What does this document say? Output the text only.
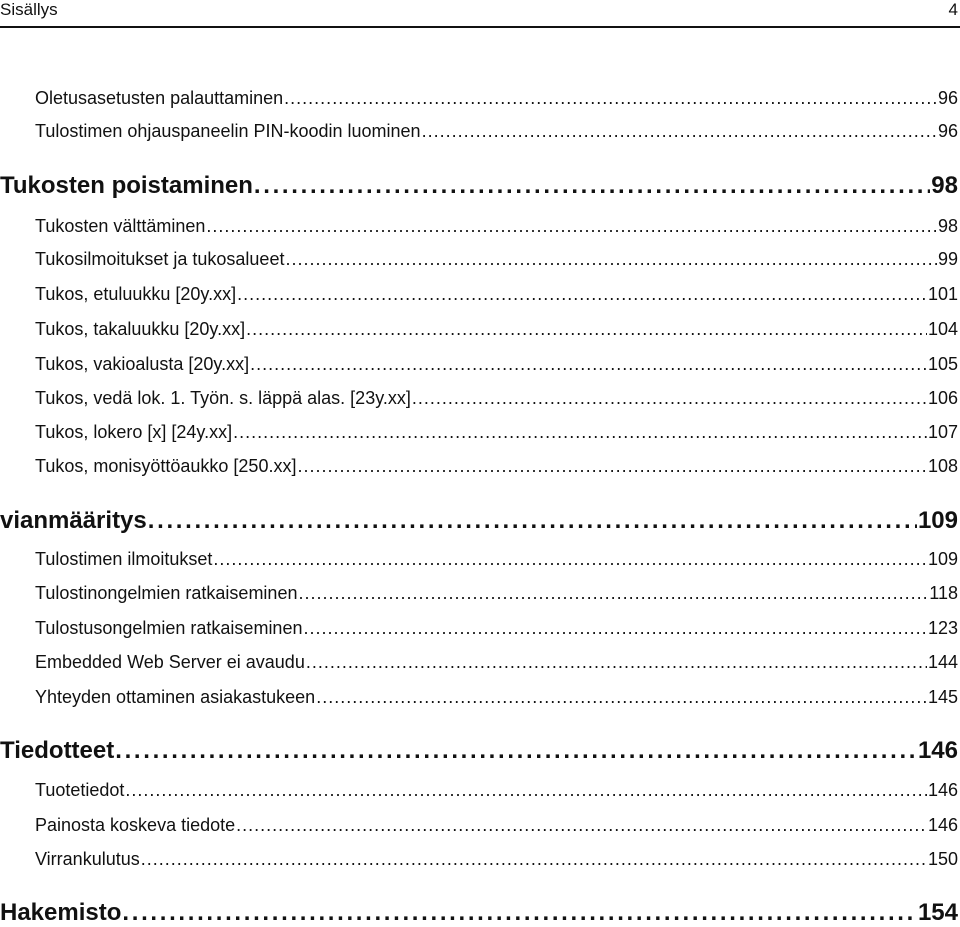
Sisällys	4
Oletusasetusten palauttaminen . . .	96
Tulostimen ohjauspaneelin PIN-koodin luominen . . .	96
Tukosten poistaminen . . .	98
Tukosten välttäminen . . .	98
Tukosilmoitukset ja tukosalueet . . .	99
Tukos, etuluukku [20y.xx] . . .	101
Tukos, takaluukku [20y.xx] . . .	104
Tukos, vakioalusta [20y.xx] . . .	105
Tukos, vedä lok. 1. Työn. s. läppä alas. [23y.xx] . . .	106
Tukos, lokero [x] [24y.xx] . . .	107
Tukos, monisyöttöaukko [250.xx] . . .	108
vianmääritys . . .	109
Tulostimen ilmoitukset . . .	109
Tulostinongelmien ratkaiseminen . . .	118
Tulostusongelmien ratkaiseminen . . .	123
Embedded Web Server ei avaudu . . .	144
Yhteyden ottaminen asiakastukeen . . .	145
Tiedotteet . . .	146
Tuotetiedot . . .	146
Painosta koskeva tiedote . . .	146
Virrankulutus . . .	150
Hakemisto . . .	154
